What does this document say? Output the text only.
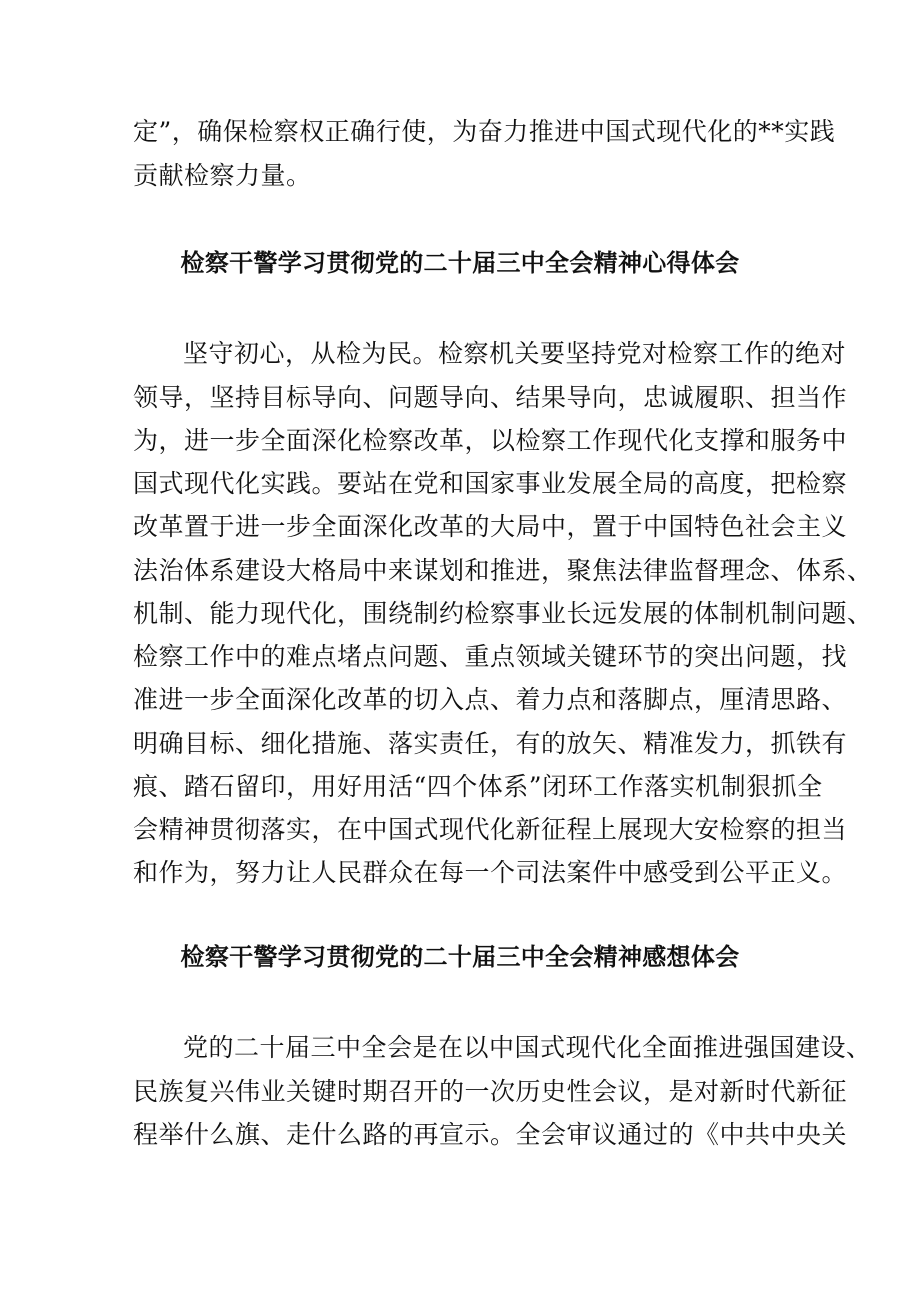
定”，确保检察权正确行使，为奋力推进中国式现代化的**实践
贡献检察力量。
检察干警学习贯彻党的二十届三中全会精神心得体会
坚守初心，从检为民。检察机关要坚持党对检察工作的绝对
领导，坚持目标导向、问题导向、结果导向，忠诚履职、担当作
为，进一步全面深化检察改革，以检察工作现代化支撑和服务中
国式现代化实践。要站在党和国家事业发展全局的高度，把检察
改革置于进一步全面深化改革的大局中，置于中国特色社会主义
法治体系建设大格局中来谋划和推进，聚焦法律监督理念、体系、
机制、能力现代化，围绕制约检察事业长远发展的体制机制问题、
检察工作中的难点堵点问题、重点领域关键环节的突出问题，找
准进一步全面深化改革的切入点、着力点和落脚点，厘清思路、
明确目标、细化措施、落实责任，有的放矢、精准发力，抓铁有
痕、踏石留印，用好用活“四个体系”闭环工作落实机制狠抓全
会精神贯彻落实，在中国式现代化新征程上展现大安检察的担当
和作为，努力让人民群众在每一个司法案件中感受到公平正义。
检察干警学习贯彻党的二十届三中全会精神感想体会
党的二十届三中全会是在以中国式现代化全面推进强国建设、
民族复兴伟业关键时期召开的一次历史性会议，是对新时代新征
程举什么旗、走什么路的再宣示。全会审议通过的《中共中央关
